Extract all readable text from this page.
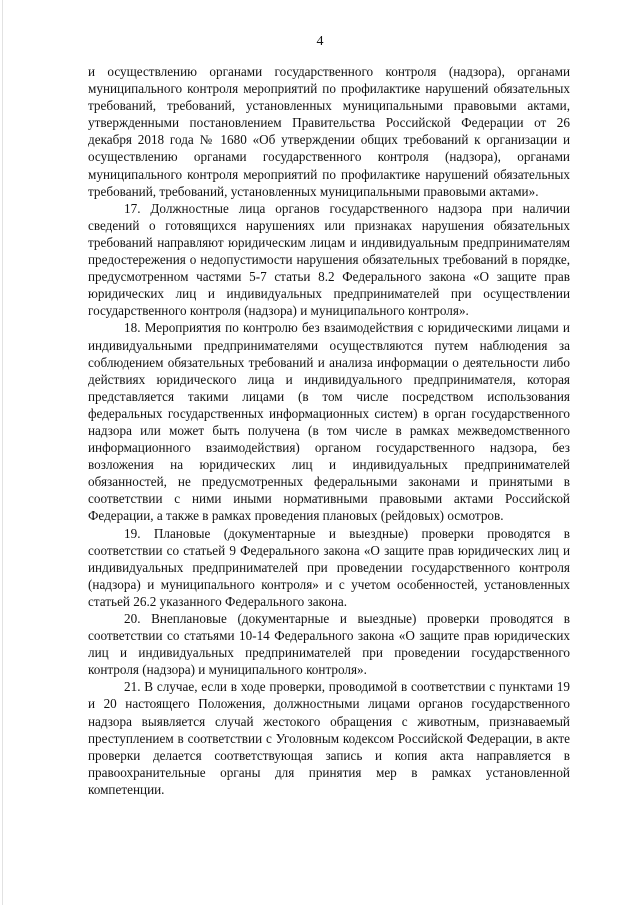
4

и осуществлению органами государственного контроля (надзора), органами муниципального контроля мероприятий по профилактике нарушений обязательных требований, требований, установленных муниципальными правовыми актами, утвержденными постановлением Правительства Российской Федерации от 26 декабря 2018 года № 1680 «Об утверждении общих требований к организации и осуществлению органами государственного контроля (надзора), органами муниципального контроля мероприятий по профилактике нарушений обязательных требований, требований, установленных муниципальными правовыми актами».

17. Должностные лица органов государственного надзора при наличии сведений о готовящихся нарушениях или признаках нарушения обязательных требований направляют юридическим лицам и индивидуальным предпринимателям предостережения о недопустимости нарушения обязательных требований в порядке, предусмотренном частями 5-7 статьи 8.2 Федерального закона «О защите прав юридических лиц и индивидуальных предпринимателей при осуществлении государственного контроля (надзора) и муниципального контроля».

18. Мероприятия по контролю без взаимодействия с юридическими лицами и индивидуальными предпринимателями осуществляются путем наблюдения за соблюдением обязательных требований и анализа информации о деятельности либо действиях юридического лица и индивидуального предпринимателя, которая представляется такими лицами (в том числе посредством использования федеральных государственных информационных систем) в орган государственного надзора или может быть получена (в том числе в рамках межведомственного информационного взаимодействия) органом государственного надзора, без возложения на юридических лиц и индивидуальных предпринимателей обязанностей, не предусмотренных федеральными законами и принятыми в соответствии с ними иными нормативными правовыми актами Российской Федерации, а также в рамках проведения плановых (рейдовых) осмотров.

19. Плановые (документарные и выездные) проверки проводятся в соответствии со статьей 9 Федерального закона «О защите прав юридических лиц и индивидуальных предпринимателей при проведении государственного контроля (надзора) и муниципального контроля» и с учетом особенностей, установленных статьей 26.2 указанного Федерального закона.

20. Внеплановые (документарные и выездные) проверки проводятся в соответствии со статьями 10-14 Федерального закона «О защите прав юридических лиц и индивидуальных предпринимателей при проведении государственного контроля (надзора) и муниципального контроля».

21. В случае, если в ходе проверки, проводимой в соответствии с пунктами 19 и 20 настоящего Положения, должностными лицами органов государственного надзора выявляется случай жестокого обращения с животным, признаваемый преступлением в соответствии с Уголовным кодексом Российской Федерации, в акте проверки делается соответствующая запись и копия акта направляется в правоохранительные органы для принятия мер в рамках установленной компетенции.
